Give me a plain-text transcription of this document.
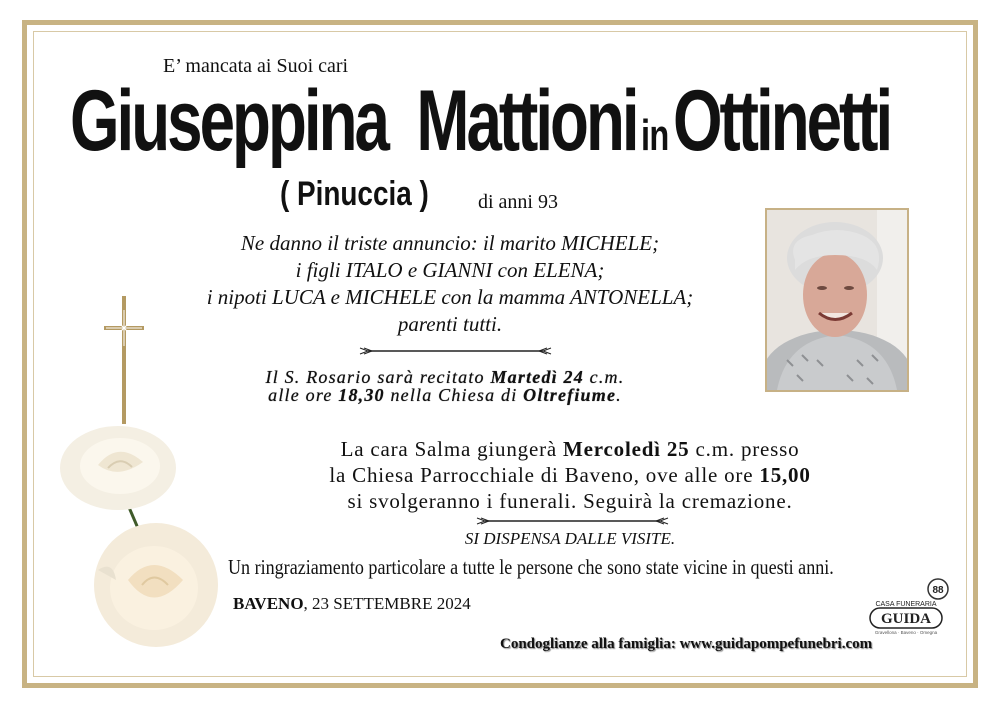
E’ mancata ai Suoi cari
Giuseppina Mattioni inOttinetti
( Pinuccia ) di anni 93
Ne danno il triste annuncio: il marito MICHELE;
i figli ITALO e GIANNI con ELENA;
i nipoti LUCA e MICHELE con la mamma ANTONELLA;
parenti tutti.
Il S. Rosario sarà recitato Martedì 24 c.m.
alle ore 18,30 nella Chiesa di Oltrefiume.
La cara Salma giungerà Mercoledì 25 c.m. presso
la Chiesa Parrocchiale di Baveno, ove alle ore 15,00
si svolgeranno i funerali. Seguirà la cremazione.
SI DISPENSA DALLE VISITE.
Un ringraziamento particolare a tutte le persone che sono state vicine in questi anni.
BAVENO, 23 SETTEMBRE 2024
Condoglianze alla famiglia: www.guidapompefunebri.com
88
CASA FUNERARIA
GUIDA
Gravellona · Baveno · Omegna
